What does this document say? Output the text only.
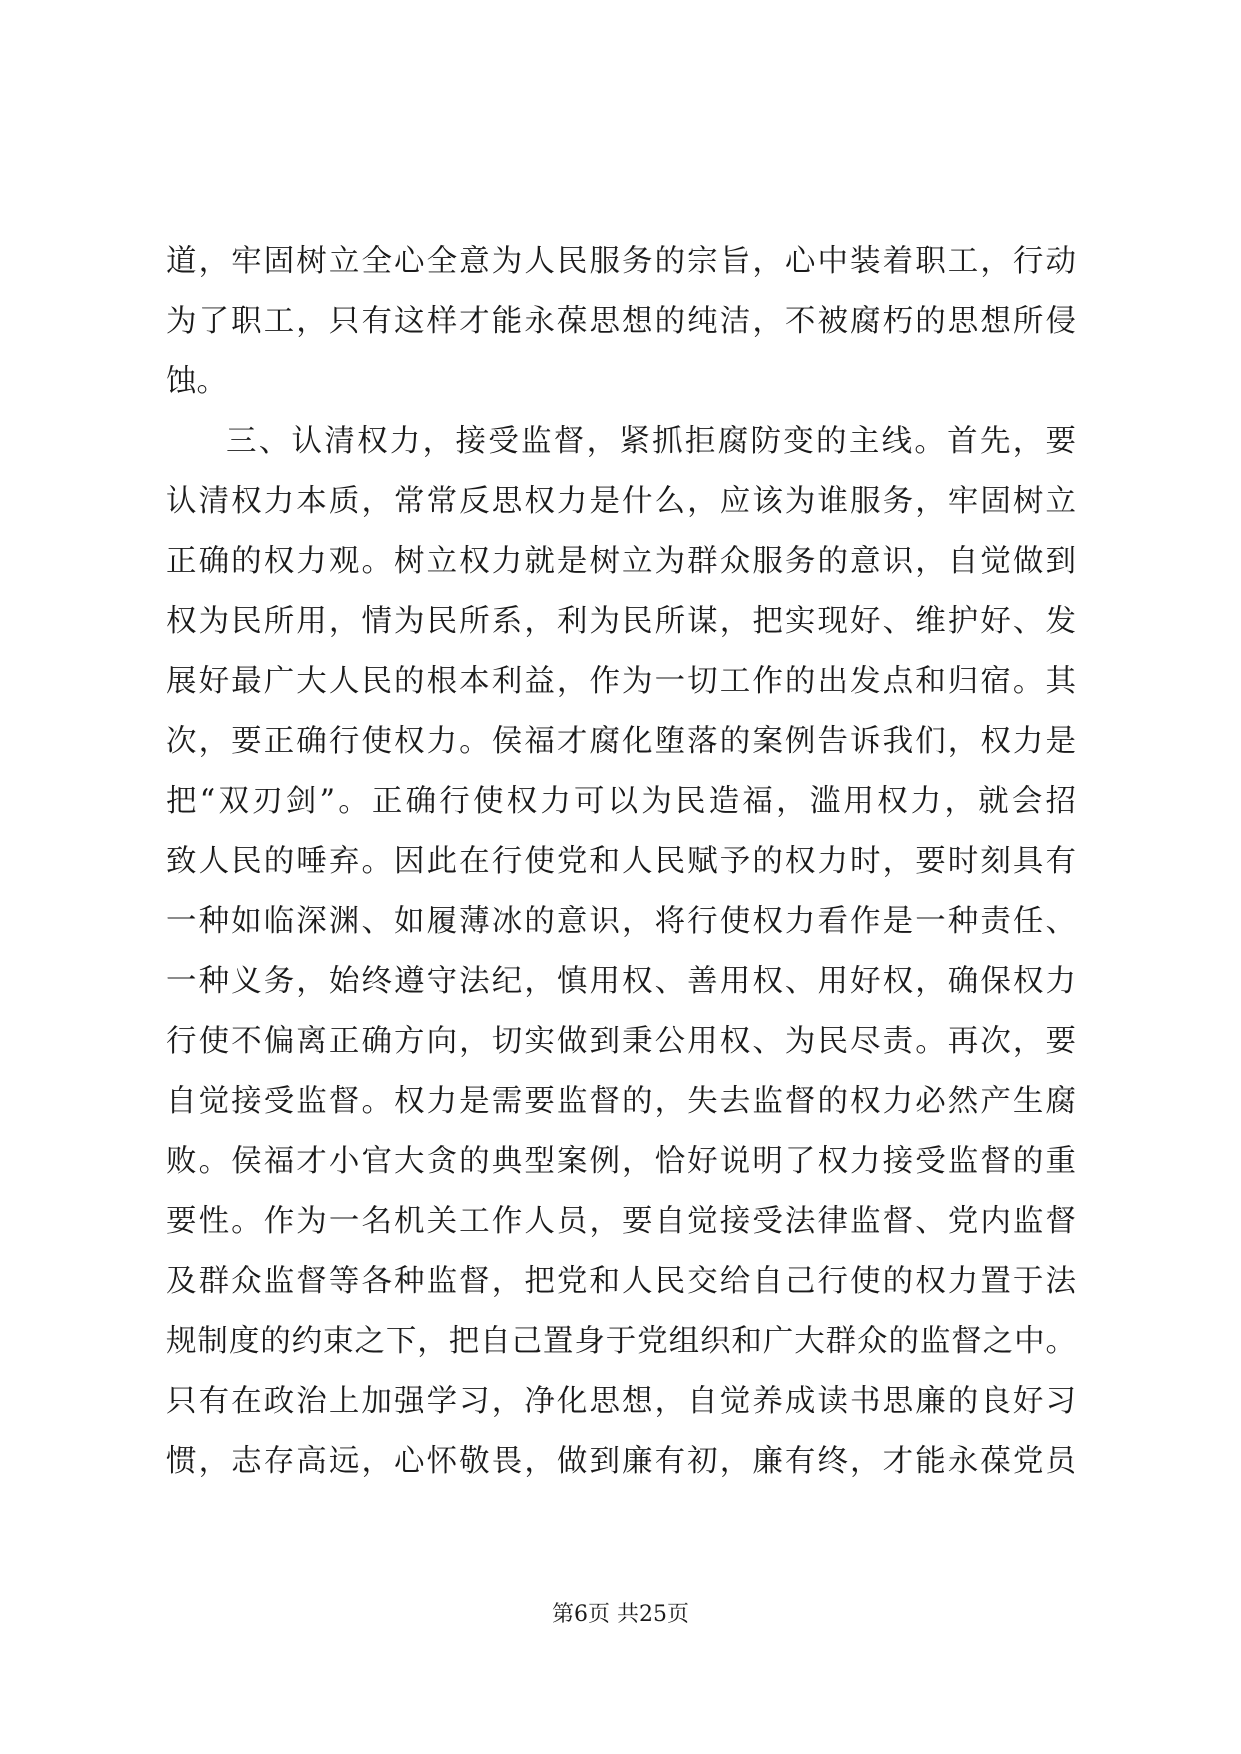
道，牢固树立全心全意为人民服务的宗旨，心中装着职工，行动
为了职工，只有这样才能永葆思想的纯洁，不被腐朽的思想所侵
蚀。
三、认清权力，接受监督，紧抓拒腐防变的主线。首先，要
认清权力本质，常常反思权力是什么，应该为谁服务，牢固树立
正确的权力观。树立权力就是树立为群众服务的意识，自觉做到
权为民所用，情为民所系，利为民所谋，把实现好、维护好、发
展好最广大人民的根本利益，作为一切工作的出发点和归宿。其
次，要正确行使权力。侯福才腐化堕落的案例告诉我们，权力是
把“双刃剑”。正确行使权力可以为民造福，滥用权力，就会招
致人民的唾弃。因此在行使党和人民赋予的权力时，要时刻具有
一种如临深渊、如履薄冰的意识，将行使权力看作是一种责任、
一种义务，始终遵守法纪，慎用权、善用权、用好权，确保权力
行使不偏离正确方向，切实做到秉公用权、为民尽责。再次，要
自觉接受监督。权力是需要监督的，失去监督的权力必然产生腐
败。侯福才小官大贪的典型案例，恰好说明了权力接受监督的重
要性。作为一名机关工作人员，要自觉接受法律监督、党内监督
及群众监督等各种监督，把党和人民交给自己行使的权力置于法
规制度的约束之下，把自己置身于党组织和广大群众的监督之中。
只有在政治上加强学习，净化思想，自觉养成读书思廉的良好习
惯，志存高远，心怀敬畏，做到廉有初，廉有终，才能永葆党员
第6页 共25页
